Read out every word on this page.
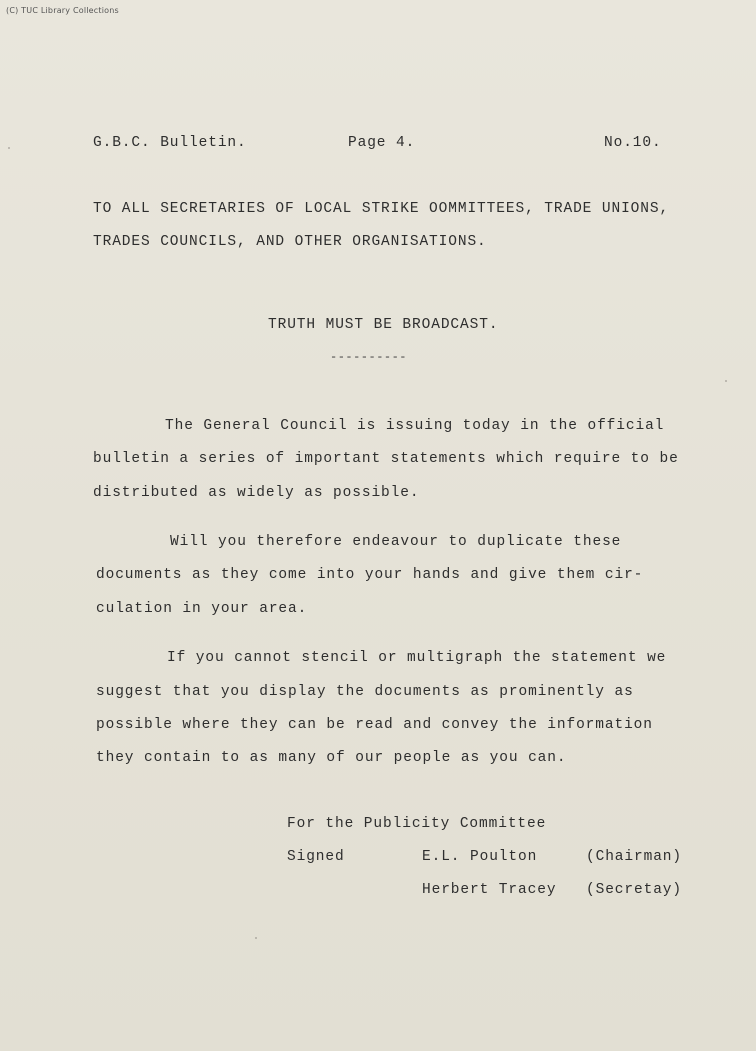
(C) TUC Library Collections
G.B.C. Bulletin.	Page 4.	No.10.
TO ALL SECRETARIES OF LOCAL STRIKE OOMMITTEES, TRADE UNIONS,
TRADES COUNCILS, AND OTHER ORGANISATIONS.
TRUTH MUST BE BROADCAST.
----------
The General Council is issuing today in the official
bulletin a series of important statements which require to be
distributed as widely as possible.
Will you therefore endeavour to duplicate these
documents as they come into your hands and give them cir-
culation in your area.
If you cannot stencil or multigraph the statement we
suggest that you display the documents as prominently as
possible where they can be read and convey the information
they contain to as many of our people as you can.
For the Publicity Committee
Signed	E.L. Poulton	(Chairman)
Herbert Tracey (Secretay)
